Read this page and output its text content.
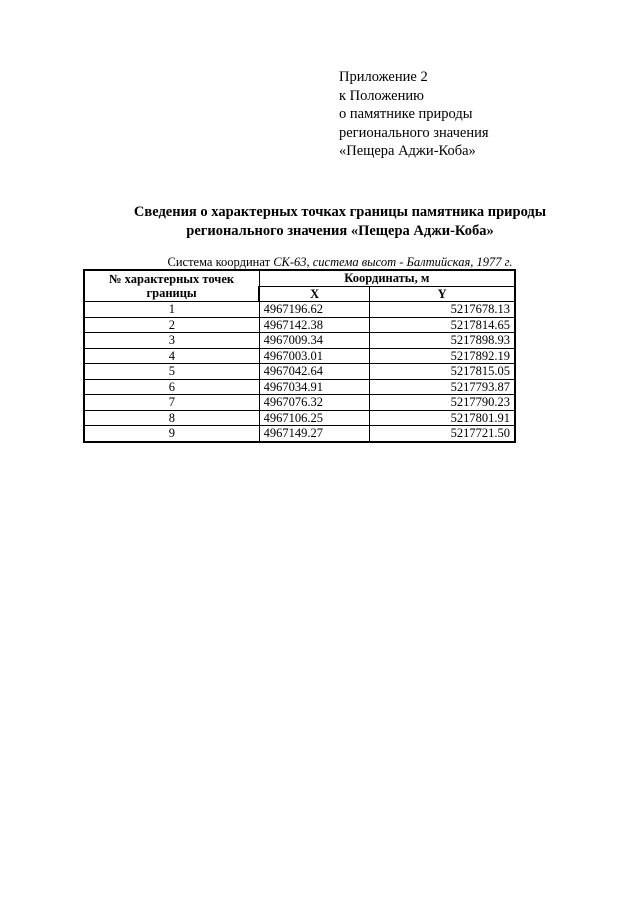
Приложение 2
к Положению
о памятнике природы
регионального значения
«Пещера Аджи-Коба»
Сведения о характерных точках границы памятника природы
регионального значения «Пещера Аджи-Коба»
Система координат СК-63, система высот - Балтийская, 1977 г.
№ характерных точек границы	Координаты, м	
	X	Y
1	4967196.62	5217678.13
2	4967142.38	5217814.65
3	4967009.34	5217898.93
4	4967003.01	5217892.19
5	4967042.64	5217815.05
6	4967034.91	5217793.87
7	4967076.32	5217790.23
8	4967106.25	5217801.91
9	4967149.27	5217721.50
